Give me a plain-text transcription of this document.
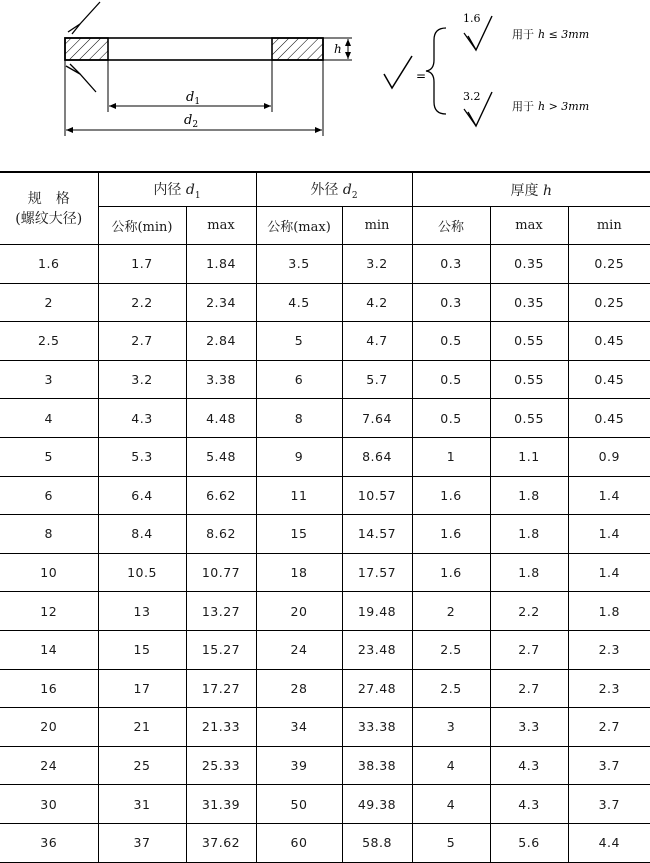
$d_1$
$d_2$
h
=
1.6
用于 h ≤ 3mm
3.2
用于 h > 3mm
规　格
(螺纹大径)	内径 $d_1$		外径 $d_2$		厚度 h		
	公称(min)	max	公称(max)	min	公称	max	min
1.6	1.7	1.84	3.5	3.2	0.3	0.35	0.25
2	2.2	2.34	4.5	4.2	0.3	0.35	0.25
2.5	2.7	2.84	5	4.7	0.5	0.55	0.45
3	3.2	3.38	6	5.7	0.5	0.55	0.45
4	4.3	4.48	8	7.64	0.5	0.55	0.45
5	5.3	5.48	9	8.64	1	1.1	0.9
6	6.4	6.62	11	10.57	1.6	1.8	1.4
8	8.4	8.62	15	14.57	1.6	1.8	1.4
10	10.5	10.77	18	17.57	1.6	1.8	1.4
12	13	13.27	20	19.48	2	2.2	1.8
14	15	15.27	24	23.48	2.5	2.7	2.3
16	17	17.27	28	27.48	2.5	2.7	2.3
20	21	21.33	34	33.38	3	3.3	2.7
24	25	25.33	39	38.38	4	4.3	3.7
30	31	31.39	50	49.38	4	4.3	3.7
36	37	37.62	60	58.8	5	5.6	4.4
